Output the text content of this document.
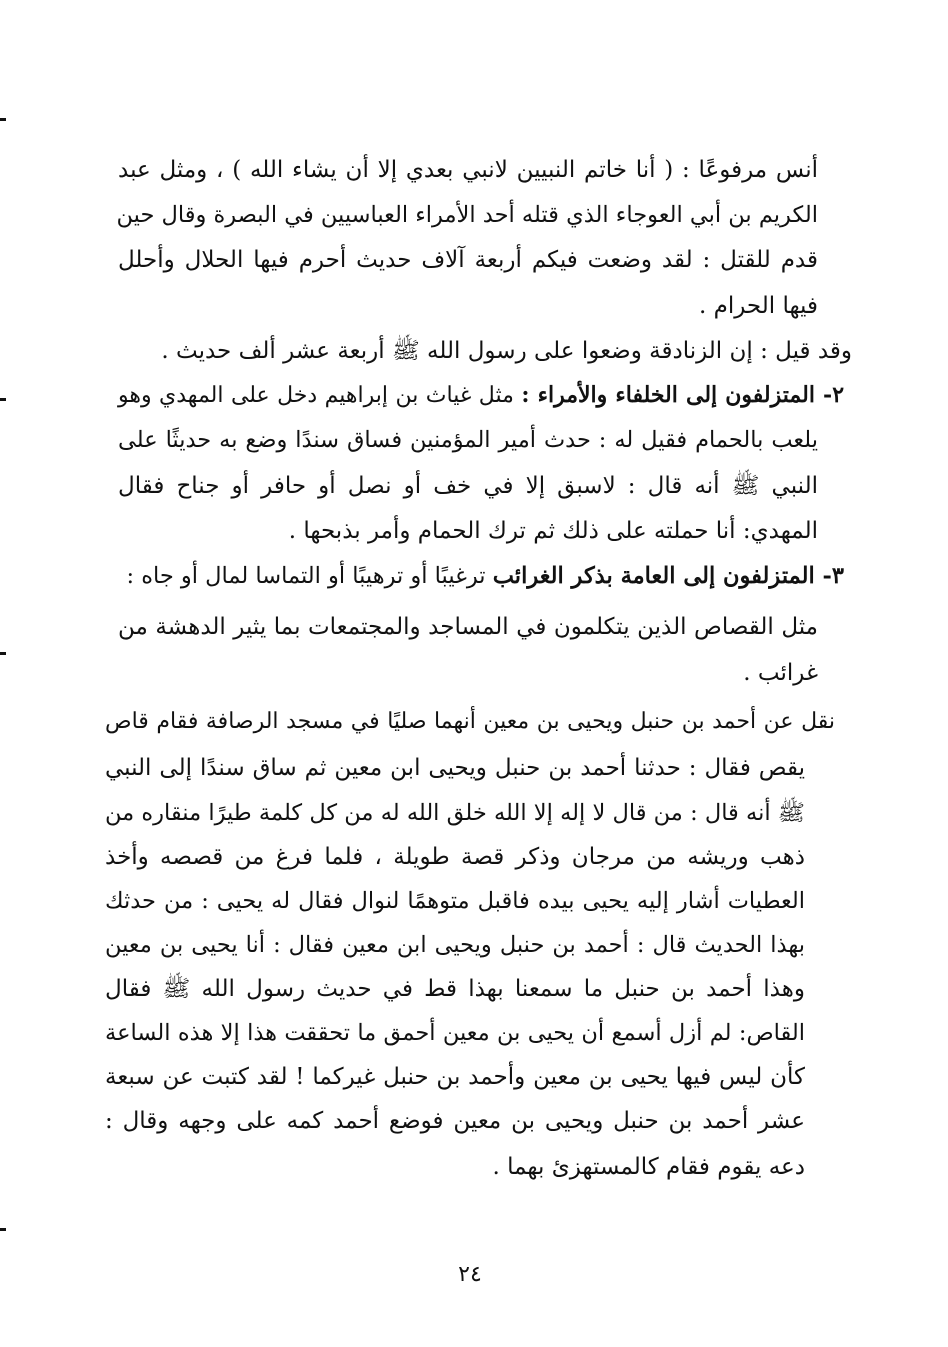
أنس مرفوعًا : ( أنا خاتم النبيين لانبي بعدي إلا أن يشاء الله ) ، ومثل عبد
الكريم بن أبي العوجاء الذي قتله أحد الأمراء العباسيين في البصرة وقال حين
قدم للقتل : لقد وضعت فيكم أربعة آلاف حديث أحرم فيها الحلال وأحلل
فيها الحرام .
وقد قيل : إن الزنادقة وضعوا على رسول الله ﷺ أربعة عشر ألف حديث .
٢- المتزلفون إلى الخلفاء والأمراء : مثل غياث بن إبراهيم دخل على المهدي وهو
يلعب بالحمام فقيل له : حدث أمير المؤمنين فساق سندًا وضع به حديثًا على
النبي ﷺ أنه قال : لاسبق إلا في خف أو نصل أو حافر أو جناح فقال
المهدي: أنا حملته على ذلك ثم ترك الحمام وأمر بذبحها .
٣- المتزلفون إلى العامة بذكر الغرائب ترغيبًا أو ترهيبًا أو التماسا لمال أو جاه :
مثل القصاص الذين يتكلمون في المساجد والمجتمعات بما يثير الدهشة من
غرائب .
نقل عن أحمد بن حنبل ويحيى بن معين أنهما صليًا في مسجد الرصافة فقام قاص
يقص فقال : حدثنا أحمد بن حنبل ويحيى ابن معين ثم ساق سندًا إلى النبي
ﷺ أنه قال : من قال لا إله إلا الله خلق الله له من كل كلمة طيرًا منقاره من
ذهب وريشه من مرجان وذكر قصة طويلة ، فلما فرغ من قصصه وأخذ
العطيات أشار إليه يحيى بيده فاقبل متوهمًا لنوال فقال له يحيى : من حدثك
بهذا الحديث قال : أحمد بن حنبل ويحيى ابن معين فقال : أنا يحيى بن معين
وهذا أحمد بن حنبل ما سمعنا بهذا قط في حديث رسول الله ﷺ فقال
القاص: لم أزل أسمع أن يحيى بن معين أحمق ما تحققت هذا إلا هذه الساعة
كأن ليس فيها يحيى بن معين وأحمد بن حنبل غيركما ! لقد كتبت عن سبعة
عشر أحمد بن حنبل ويحيى بن معين فوضع أحمد كمه على وجهه وقال :
دعه يقوم فقام كالمستهزئ بهما .
٢٤
